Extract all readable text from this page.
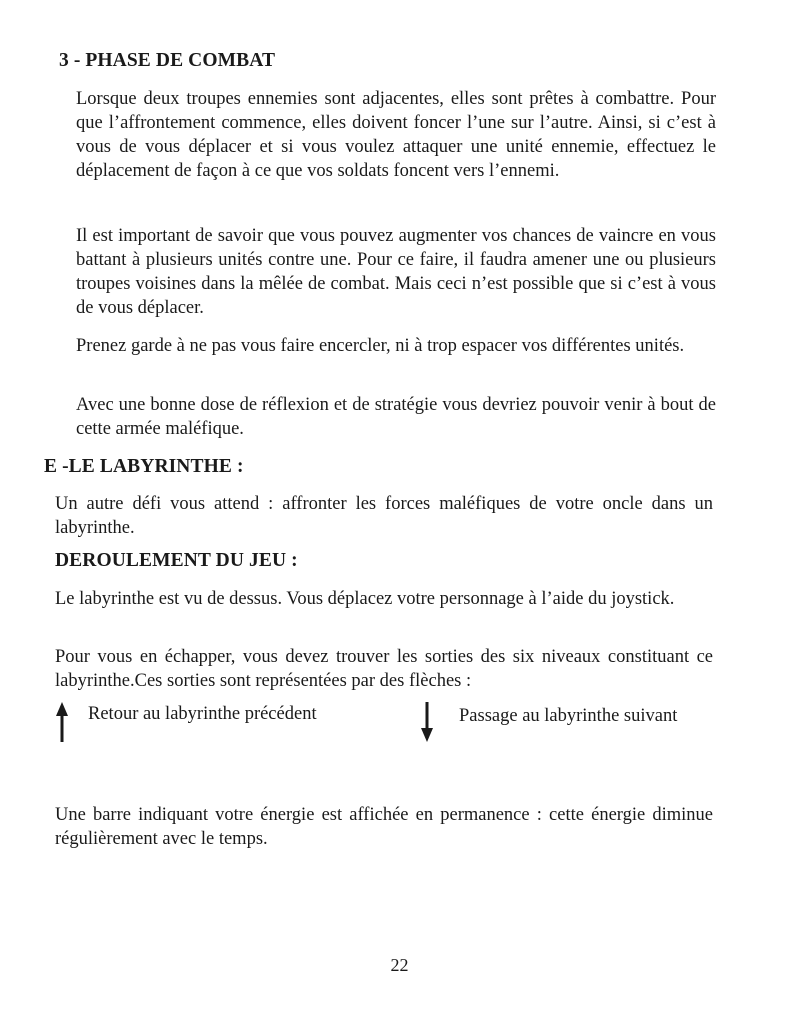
3 - PHASE DE COMBAT

Lorsque deux troupes ennemies sont adjacentes, elles sont prêtes à combattre. Pour que l’affrontement commence, elles doivent foncer l’une sur l’autre. Ainsi, si c’est à vous de vous déplacer et si vous voulez attaquer une unité ennemie, effectuez le déplacement de façon à ce que vos soldats foncent vers l’ennemi.

Il est important de savoir que vous pouvez augmenter vos chances de vaincre en vous battant à plusieurs unités contre une. Pour ce faire, il faudra amener une ou plusieurs troupes voisines dans la mêlée de combat. Mais ceci n’est possible que si c’est à vous de vous déplacer.

Prenez garde à ne pas vous faire encercler, ni à trop espacer vos différentes unités.

Avec une bonne dose de réflexion et de stratégie vous devriez pouvoir venir à bout de cette armée maléfique.

E -LE LABYRINTHE :

Un autre défi vous attend : affronter les forces maléfiques de votre oncle dans un labyrinthe.

DEROULEMENT DU JEU :

Le labyrinthe est vu de dessus. Vous déplacez votre personnage à l’aide du joystick.

Pour vous en échapper, vous devez trouver les sorties des six niveaux constituant ce labyrinthe.Ces sorties sont représentées par des flèches :

Retour au labyrinthe précédent	Passage au labyrinthe suivant

Une barre indiquant votre énergie est affichée en permanence : cette énergie diminue régulièrement avec le temps.

22
